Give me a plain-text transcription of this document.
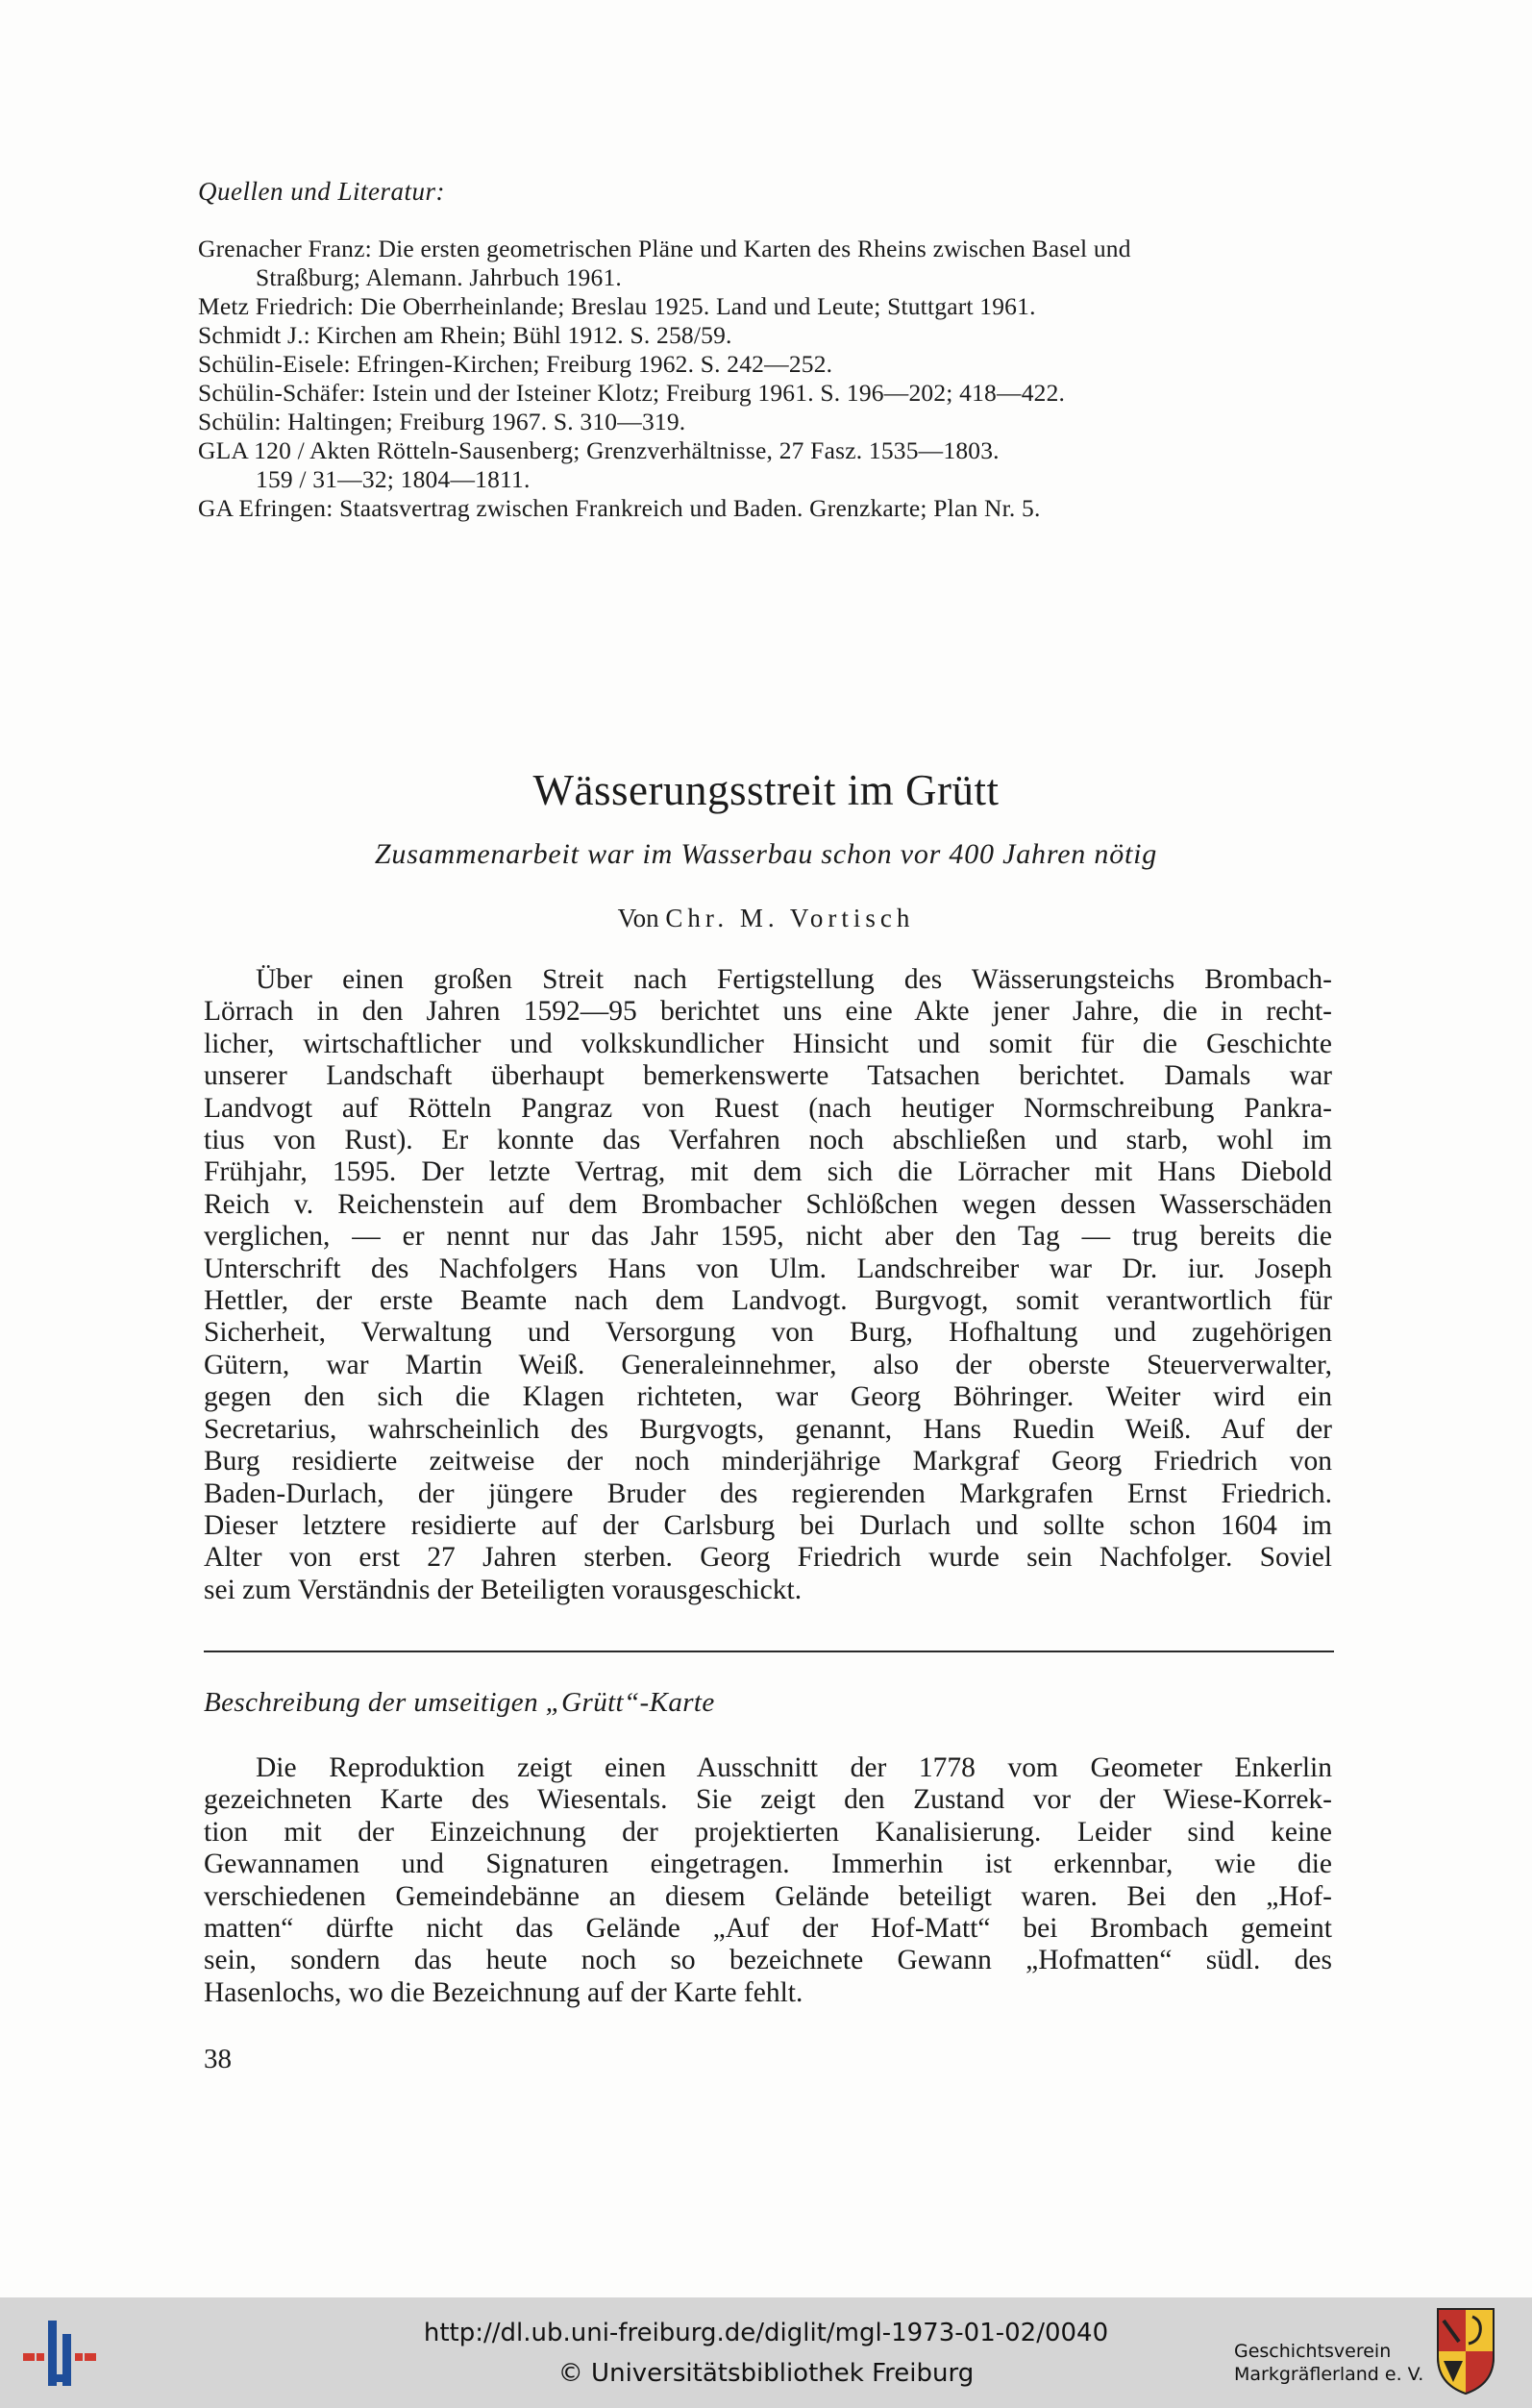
Quellen und Literatur:
Grenacher Franz: Die ersten geometrischen Pläne und Karten des Rheins zwischen Basel und
Straßburg; Alemann. Jahrbuch 1961.
Metz Friedrich: Die Oberrheinlande; Breslau 1925. Land und Leute; Stuttgart 1961.
Schmidt J.: Kirchen am Rhein; Bühl 1912. S. 258/59.
Schülin-Eisele: Efringen-Kirchen; Freiburg 1962. S. 242—252.
Schülin-Schäfer: Istein und der Isteiner Klotz; Freiburg 1961. S. 196—202; 418—422.
Schülin: Haltingen; Freiburg 1967. S. 310—319.
GLA 120 / Akten Rötteln-Sausenberg; Grenzverhältnisse, 27 Fasz. 1535—1803.
159 / 31—32; 1804—1811.
GA Efringen: Staatsvertrag zwischen Frankreich und Baden. Grenzkarte; Plan Nr. 5.
Wässerungsstreit im Grütt
Zusammenarbeit war im Wasserbau schon vor 400 Jahren nötig
Von Chr. M. Vortisch
Über einen großen Streit nach Fertigstellung des Wässerungsteichs Brombach-
Lörrach in den Jahren 1592—95 berichtet uns eine Akte jener Jahre, die in recht-
licher, wirtschaftlicher und volkskundlicher Hinsicht und somit für die Geschichte
unserer Landschaft überhaupt bemerkenswerte Tatsachen berichtet. Damals war
Landvogt auf Rötteln Pangraz von Ruest (nach heutiger Normschreibung Pankra-
tius von Rust). Er konnte das Verfahren noch abschließen und starb, wohl im
Frühjahr, 1595. Der letzte Vertrag, mit dem sich die Lörracher mit Hans Diebold
Reich v. Reichenstein auf dem Brombacher Schlößchen wegen dessen Wasserschäden
verglichen, — er nennt nur das Jahr 1595, nicht aber den Tag — trug bereits die
Unterschrift des Nachfolgers Hans von Ulm. Landschreiber war Dr. iur. Joseph
Hettler, der erste Beamte nach dem Landvogt. Burgvogt, somit verantwortlich für
Sicherheit, Verwaltung und Versorgung von Burg, Hofhaltung und zugehörigen
Gütern, war Martin Weiß. Generaleinnehmer, also der oberste Steuerverwalter,
gegen den sich die Klagen richteten, war Georg Böhringer. Weiter wird ein
Secretarius, wahrscheinlich des Burgvogts, genannt, Hans Ruedin Weiß. Auf der
Burg residierte zeitweise der noch minderjährige Markgraf Georg Friedrich von
Baden-Durlach, der jüngere Bruder des regierenden Markgrafen Ernst Friedrich.
Dieser letztere residierte auf der Carlsburg bei Durlach und sollte schon 1604 im
Alter von erst 27 Jahren sterben. Georg Friedrich wurde sein Nachfolger. Soviel
sei zum Verständnis der Beteiligten vorausgeschickt.
Beschreibung der umseitigen „Grütt“-Karte
Die Reproduktion zeigt einen Ausschnitt der 1778 vom Geometer Enkerlin
gezeichneten Karte des Wiesentals. Sie zeigt den Zustand vor der Wiese-Korrek-
tion mit der Einzeichnung der projektierten Kanalisierung. Leider sind keine
Gewannamen und Signaturen eingetragen. Immerhin ist erkennbar, wie die
verschiedenen Gemeindebänne an diesem Gelände beteiligt waren. Bei den „Hof-
matten“ dürfte nicht das Gelände „Auf der Hof-Matt“ bei Brombach gemeint
sein, sondern das heute noch so bezeichnete Gewann „Hofmatten“ südl. des
Hasenlochs, wo die Bezeichnung auf der Karte fehlt.
38
http://dl.ub.uni-freiburg.de/diglit/mgl-1973-01-02/0040
© Universitätsbibliothek Freiburg
Geschichtsverein
Markgräflerland e. V.
